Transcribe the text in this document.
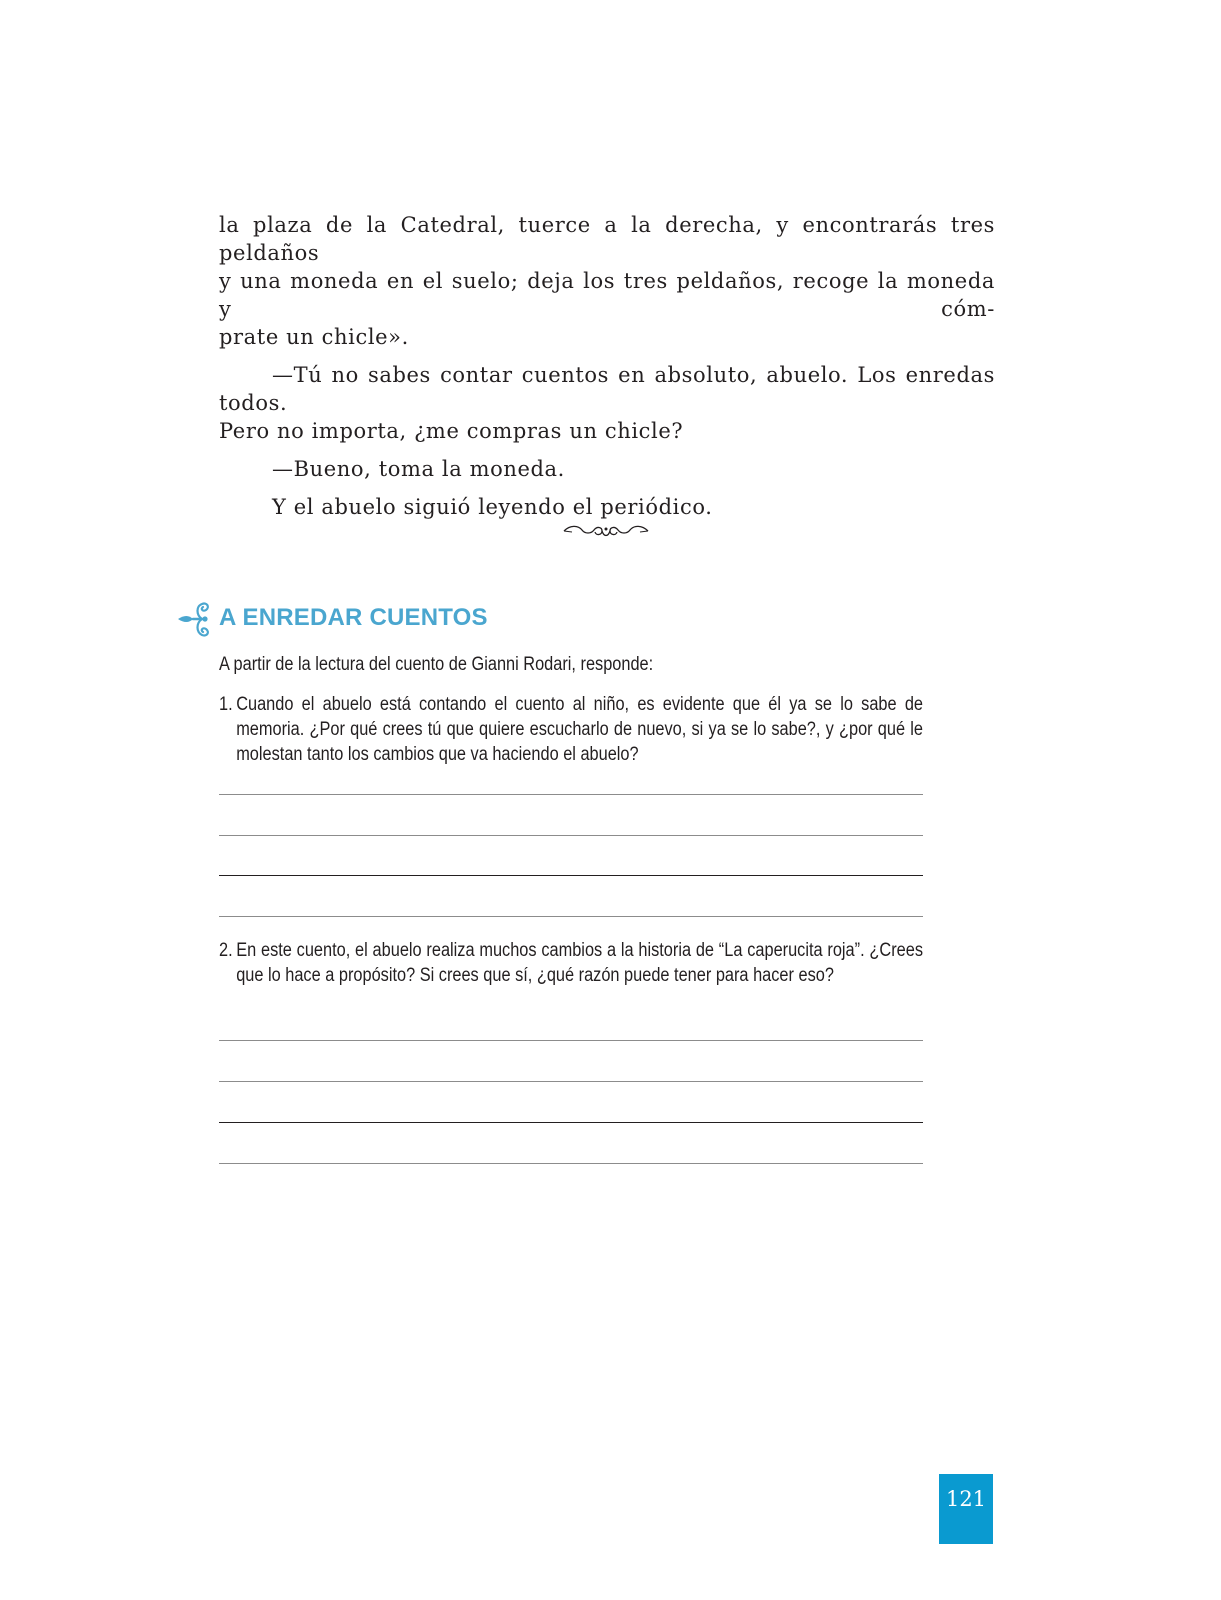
la plaza de la Catedral, tuerce a la derecha, y encontrarás tres peldaños
y una moneda en el suelo; deja los tres peldaños, recoge la moneda y cóm-
prate un chicle».

—Tú no sabes contar cuentos en absoluto, abuelo. Los enredas todos.

Pero no importa, ¿me compras un chicle?

—Bueno, toma la moneda.

Y el abuelo siguió leyendo el periódico.

A ENREDAR CUENTOS
A partir de la lectura del cuento de Gianni Rodari, responde:
1. Cuando el abuelo está contando el cuento al niño, es evidente que él ya se lo sabe de memoria. ¿Por qué crees tú que quiere escucharlo de nuevo, si ya se lo sabe?, y ¿por qué le molestan tanto los cambios que va haciendo el abuelo?
2. En este cuento, el abuelo realiza muchos cambios a la historia de “La caperucita roja”. ¿Crees que lo hace a propósito? Si crees que sí, ¿qué razón puede tener para hacer eso?
121
